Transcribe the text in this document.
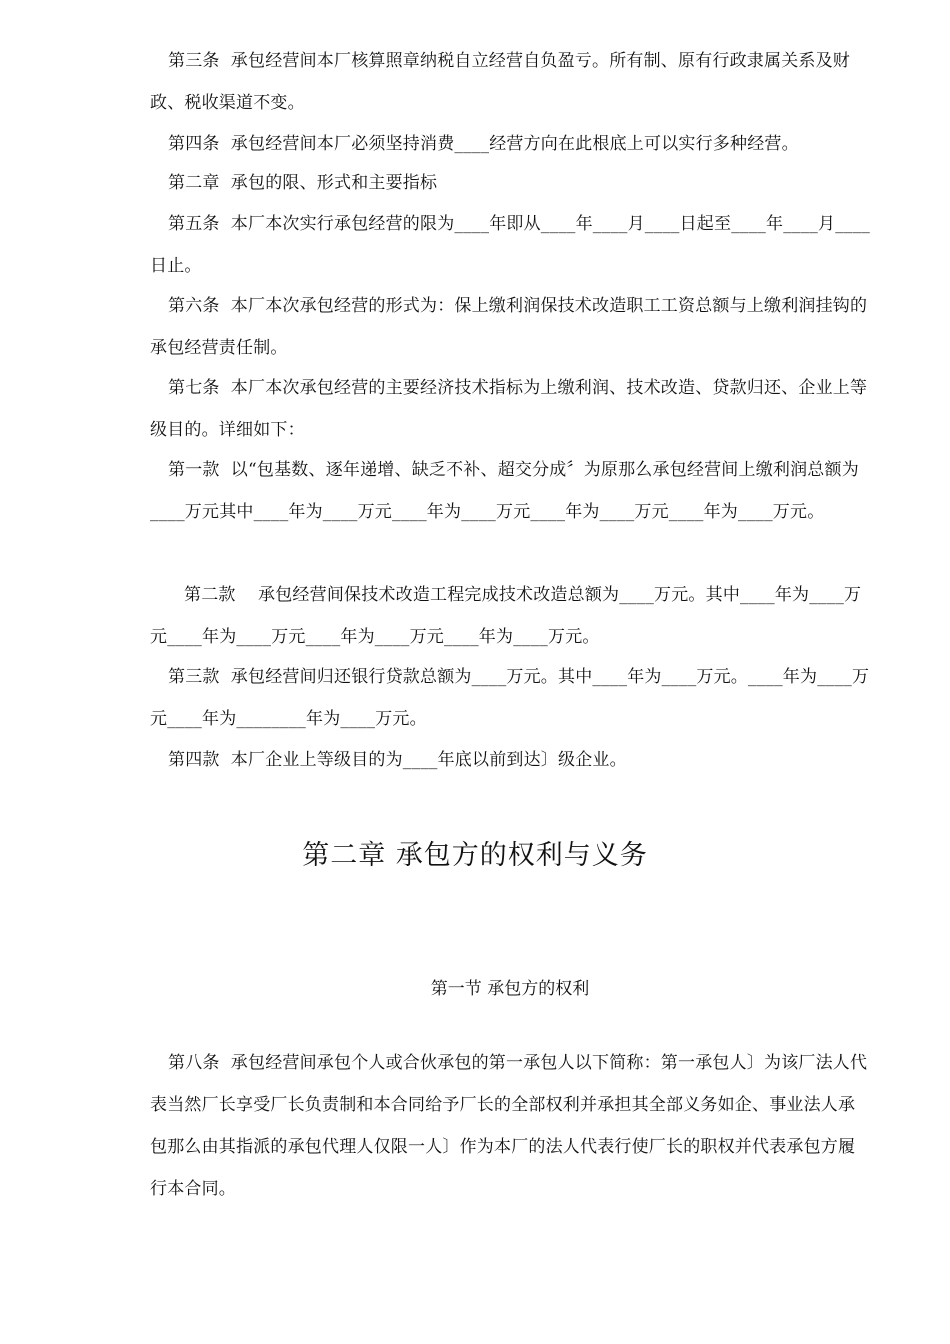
第三条  承包经营间本厂核算照章纳税自立经营自负盈亏。所有制、原有行政隶属关系及财政、税收渠道不变。
第四条  承包经营间本厂必须坚持消费____经营方向在此根底上可以实行多种经营。
第二章  承包的限、形式和主要指标
第五条  本厂本次实行承包经营的限为____年即从____年____月____日起至____年____月____日止。
第六条  本厂本次承包经营的形式为：保上缴利润保技术改造职工工资总额与上缴利润挂钩的承包经营责任制。
第七条  本厂本次承包经营的主要经济技术指标为上缴利润、技术改造、贷款归还、企业上等级目的。详细如下：
第一款  以“包基数、逐年递增、缺乏不补、超交分成〞为原那么承包经营间上缴利润总额为____万元其中____年为____万元____年为____万元____年为____万元____年为____万元。
第二款    承包经营间保技术改造工程完成技术改造总额为____万元。其中____年为____万元____年为____万元____年为____万元____年为____万元。
第三款  承包经营间归还银行贷款总额为____万元。其中____年为____万元。____年为____万元____年为________年为____万元。
第四款  本厂企业上等级目的为____年底以前到达〕级企业。
第二章 承包方的权利与义务
第一节 承包方的权利
第八条  承包经营间承包个人或合伙承包的第一承包人以下简称：第一承包人〕为该厂法人代表当然厂长享受厂长负责制和本合同给予厂长的全部权利并承担其全部义务如企、事业法人承包那么由其指派的承包代理人仅限一人〕作为本厂的法人代表行使厂长的职权并代表承包方履行本合同。
